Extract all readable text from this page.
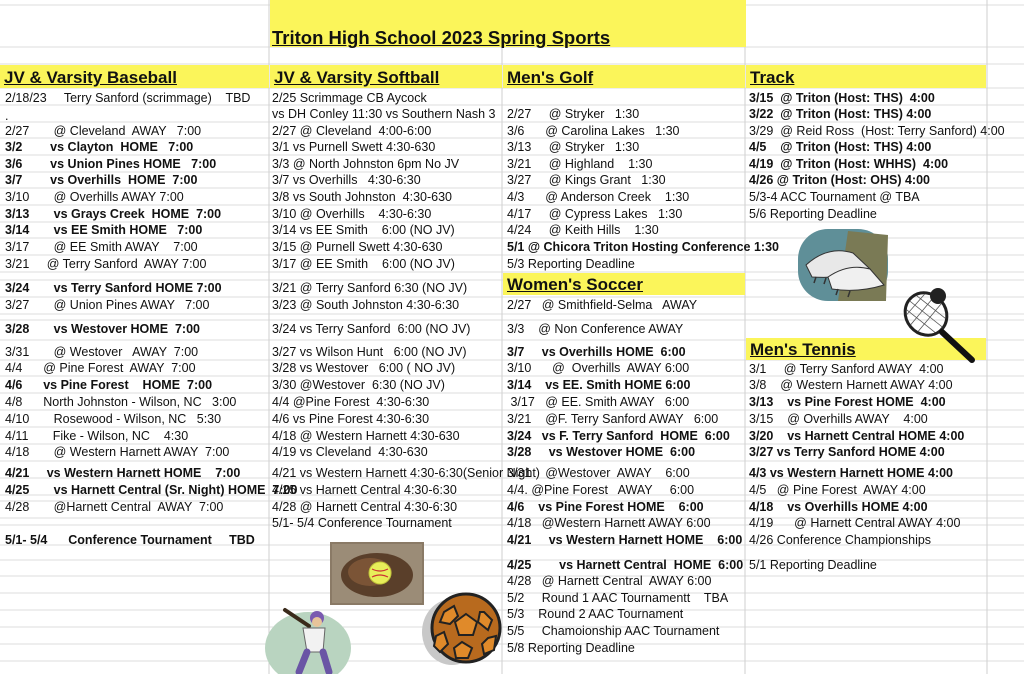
Triton High School 2023 Spring Sports
JV & Varsity Baseball
2/18/23     Terry Sanford (scrimmage)    TBD
.
2/27       @ Cleveland  AWAY   7:00
3/2        vs Clayton  HOME   7:00
3/6        vs Union Pines HOME   7:00
3/7        vs Overhills  HOME  7:00
3/10       @ Overhills AWAY 7:00
3/13       vs Grays Creek  HOME  7:00
3/14       vs EE Smith HOME   7:00
3/17       @ EE Smith AWAY    7:00
3/21     @ Terry Sanford  AWAY 7:00
3/24       vs Terry Sanford HOME 7:00
3/27       @ Union Pines AWAY   7:00
3/28       vs Westover HOME  7:00
3/31       @ Westover   AWAY  7:00
4/4      @ Pine Forest  AWAY  7:00
4/6      vs Pine Forest    HOME  7:00
4/8      North Johnston - Wilson, NC   3:00
4/10       Rosewood - Wilson, NC   5:30
4/11       Fike - Wilson, NC    4:30
4/18       @ Western Harnett AWAY  7:00
4/21     vs Western Harnett HOME    7:00
4/25       vs Harnett Central (Sr. Night) HOME  7:00
4/28       @Harnett Central  AWAY  7:00
5/1- 5/4      Conference Tournament     TBD
JV & Varsity Softball
2/25 Scrimmage CB Aycock
vs DH Conley 11:30 vs Southern Nash 3
2/27 @ Cleveland  4:00-6:00
3/1 vs Purnell Swett 4:30-630
3/3 @ North Johnston 6pm No JV
3/7 vs Overhills   4:30-6:30
3/8 vs South Johnston  4:30-630
3/10 @ Overhills    4:30-6:30
3/14 vs EE Smith    6:00 (NO JV)
3/15 @ Purnell Swett 4:30-630
3/17 @ EE Smith    6:00 (NO JV)
3/21 @ Terry Sanford 6:30 (NO JV)
3/23 @ South Johnston 4:30-6:30
3/24 vs Terry Sanford  6:00 (NO JV)
3/27 vs Wilson Hunt   6:00 (NO JV)
3/28 vs Westover   6:00 ( NO JV)
3/30 @Westover  6:30 (NO JV)
4/4 @Pine Forest  4:30-6:30
4/6 vs Pine Forest 4:30-6:30
4/18 @ Western Harnett 4:30-630
4/19 vs Cleveland  4:30-630
4/21 vs Western Harnett 4:30-6:30(Senior Night)
4/25 vs Harnett Central 4:30-6:30
4/28 @ Harnett Central 4:30-6:30
5/1- 5/4 Conference Tournament
Men's Golf
2/27     @ Stryker   1:30
3/6      @ Carolina Lakes   1:30
3/13     @ Stryker   1:30
3/21     @ Highland    1:30
3/27     @ Kings Grant   1:30
4/3      @ Anderson Creek    1:30
4/17     @ Cypress Lakes   1:30
4/24     @ Keith Hills    1:30
5/1 @ Chicora Triton Hosting Conference 1:30
5/3 Reporting Deadline
Women's Soccer
2/27   @ Smithfield-Selma   AWAY
3/3    @ Non Conference AWAY
3/7     vs Overhills HOME  6:00
3/10      @  Overhills  AWAY 6:00
3/14    vs EE. Smith HOME 6:00
3/17   @ EE. Smith AWAY   6:00
3/21    @F. Terry Sanford AWAY   6:00
3/24   vs F. Terry Sanford  HOME  6:00
3/28     vs Westover HOME  6:00
3/31    @Westover  AWAY    6:00
4/4. @Pine Forest   AWAY     6:00
4/6    vs Pine Forest HOME    6:00
4/18   @Western Harnett AWAY 6:00
4/21     vs Western Harnett HOME    6:00
4/25        vs Harnett Central  HOME  6:00
4/28   @ Harnett Central  AWAY 6:00
5/2     Round 1 AAC Tournamentt    TBA
5/3    Round 2 AAC Tournament
5/5     Chamoionship AAC Tournament
5/8 Reporting Deadline
Track
3/15  @ Triton (Host: THS)  4:00
3/22  @ Triton (Host: THS) 4:00
3/29  @ Reid Ross  (Host: Terry Sanford) 4:00
4/5    @ Triton (Host: THS) 4:00
4/19  @ Triton (Host: WHHS)  4:00
4/26 @ Triton (Host: OHS) 4:00
5/3-4 ACC Tournament @ TBA
5/6 Reporting Deadline
Men's Tennis
3/1     @ Terry Sanford AWAY  4:00
3/8    @ Western Harnett AWAY 4:00
3/13    vs Pine Forest HOME  4:00
3/15    @ Overhills AWAY    4:00
3/20    vs Harnett Central HOME 4:00
3/27 vs Terry Sanford HOME 4:00
4/3 vs Western Harnett HOME 4:00
4/5   @ Pine Forest  AWAY 4:00
4/18    vs Overhills HOME 4:00
4/19      @ Harnett Central AWAY 4:00
4/26 Conference Championships
5/1 Reporting Deadline
